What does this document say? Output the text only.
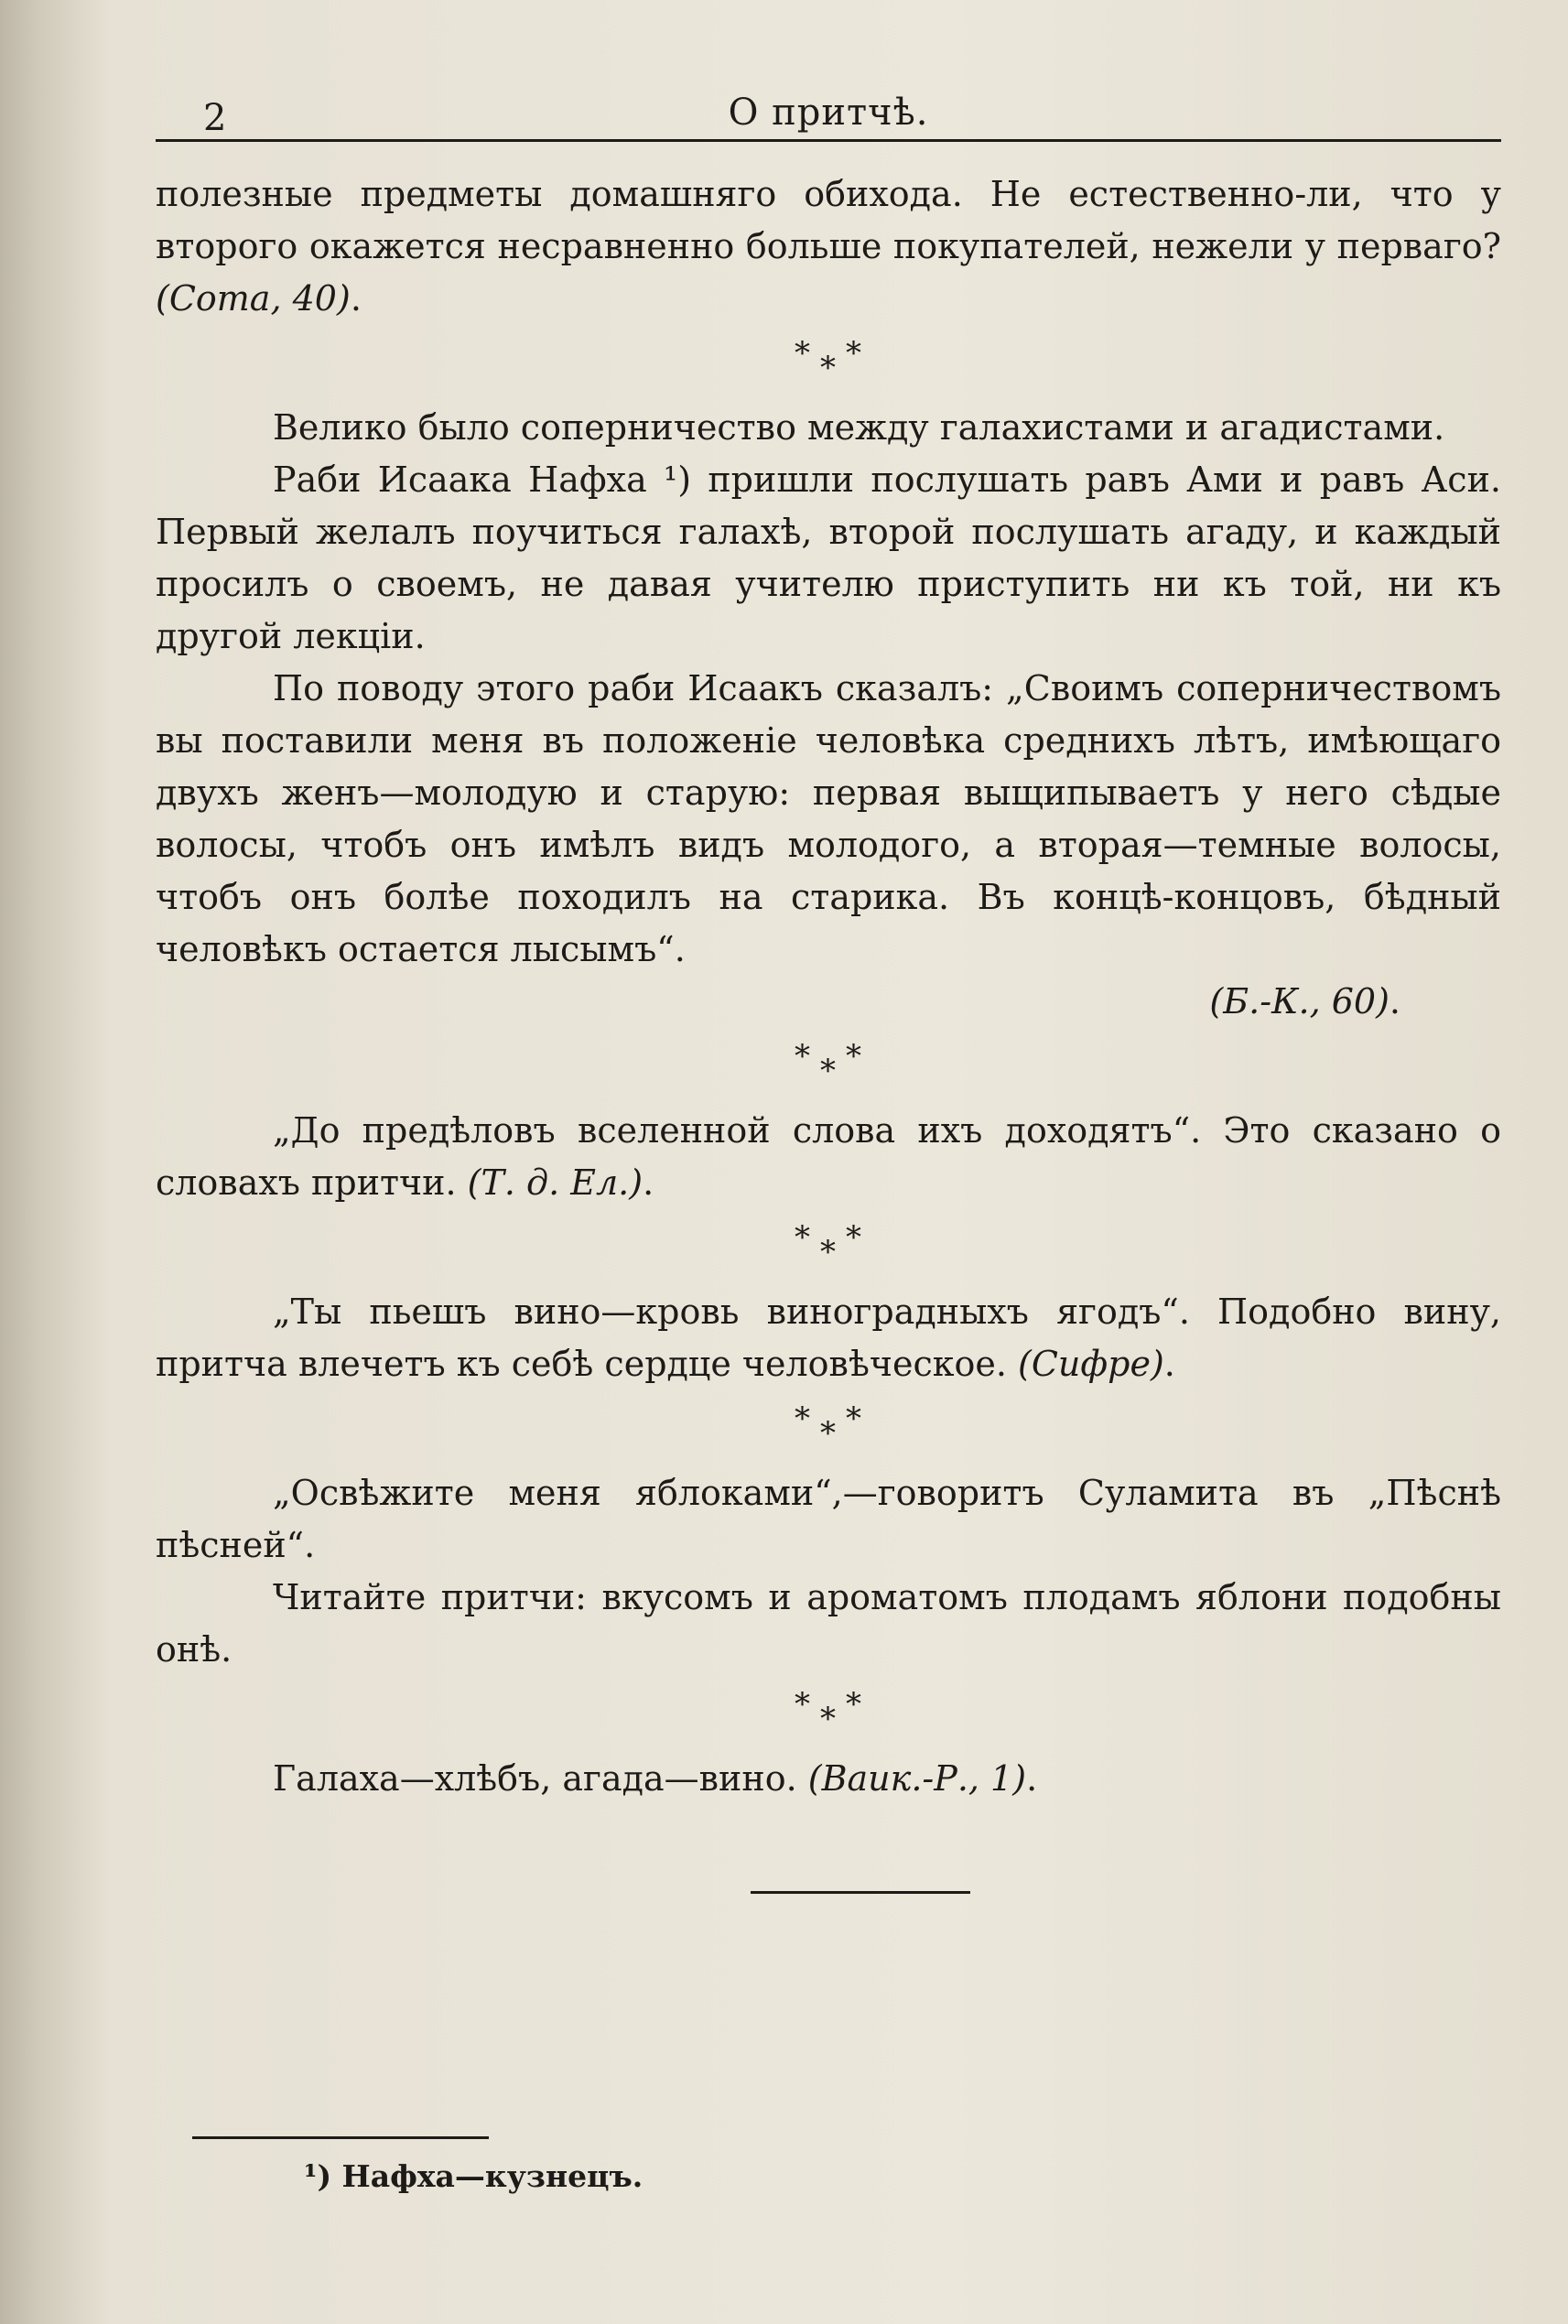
2	О притчѣ.

полезные предметы домашняго обихода. Не естественно-ли, что у второго окажется несравненно больше покупателей, нежели у перваго? (Сота, 40).

* * *

Велико было соперничество между галахистами и агадистами.

Раби Исаака Нафха ¹) пришли послушать равъ Ами и равъ Аси. Первый желалъ поучиться галахѣ, второй послушать агаду, и каждый просилъ о своемъ, не давая учителю приступить ни къ той, ни къ другой лекціи.

По поводу этого раби Исаакъ сказалъ: „Своимъ соперничествомъ вы поставили меня въ положеніе человѣка среднихъ лѣтъ, имѣющаго двухъ женъ—молодую и старую: первая выщипываетъ у него сѣдые волосы, чтобъ онъ имѣлъ видъ молодого, а вторая—темные волосы, чтобъ онъ болѣе походилъ на старика. Въ концѣ-концовъ, бѣдный человѣкъ остается лысымъ“.

(Б.-К., 60).

* * *

„До предѣловъ вселенной слова ихъ доходятъ“. Это сказано о словахъ притчи. (Т. д. Ел.).

* * *

„Ты пьешъ вино—кровь виноградныхъ ягодъ“. Подобно вину, притча влечетъ къ себѣ сердце человѣческое. (Сифре).

* * *

„Освѣжите меня яблоками“,—говоритъ Суламита въ „Пѣснѣ пѣсней“.

Читайте притчи: вкусомъ и ароматомъ плодамъ яблони подобны онѣ.

* * *

Галаха—хлѣбъ, агада—вино. (Ваик.-Р., 1).

¹) Нафха—кузнецъ.
